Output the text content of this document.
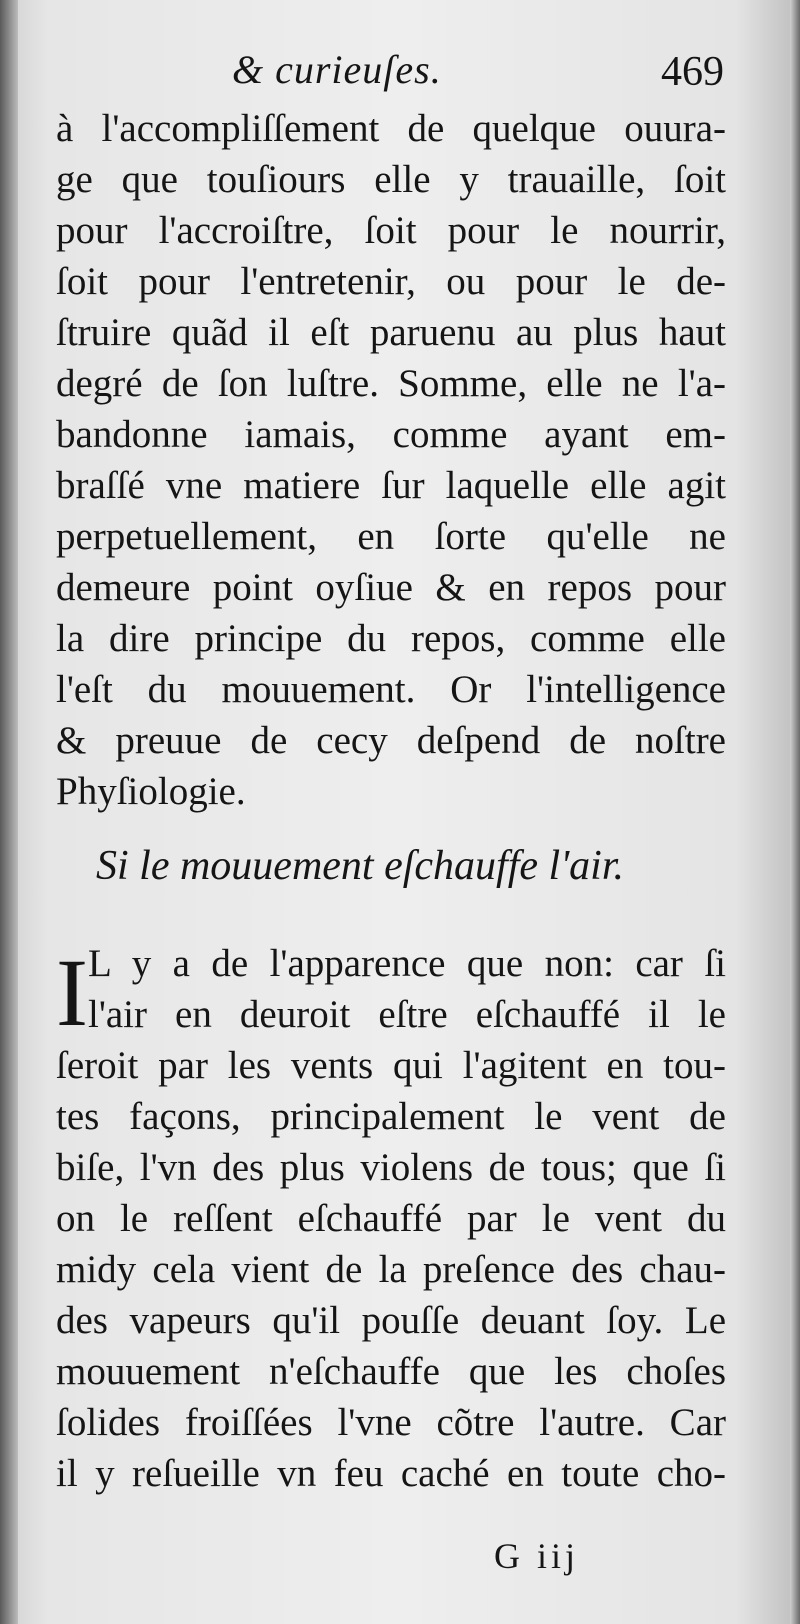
& curieuſes.	469
à l'accompliſſement de quelque ouura-
ge que touſiours elle y trauaille, ſoit
pour l'accroiſtre, ſoit pour le nourrir,
ſoit pour l'entretenir, ou pour le de-
ſtruire quãd il eſt paruenu au plus haut
degré de ſon luſtre. Somme, elle ne l'a-
bandonne iamais, comme ayant em-
braſſé vne matiere ſur laquelle elle agit
perpetuellement, en ſorte qu'elle ne
demeure point oyſiue & en repos pour
la dire principe du repos, comme elle
l'eſt du mouuement. Or l'intelligence
& preuue de cecy deſpend de noſtre
Phyſiologie.
Si le mouuement eſchauffe l'air.
I L y a de l'apparence que non: car ſi
l'air en deuroit eſtre eſchauffé il le
ſeroit par les vents qui l'agitent en tou-
tes façons, principalement le vent de
biſe, l'vn des plus violens de tous; que ſi
on le reſſent eſchauffé par le vent du
midy cela vient de la preſence des chau-
des vapeurs qu'il pouſſe deuant ſoy. Le
mouuement n'eſchauffe que les choſes
ſolides froiſſées l'vne cõtre l'autre. Car
il y reſueille vn feu caché en toute cho-
G iij
